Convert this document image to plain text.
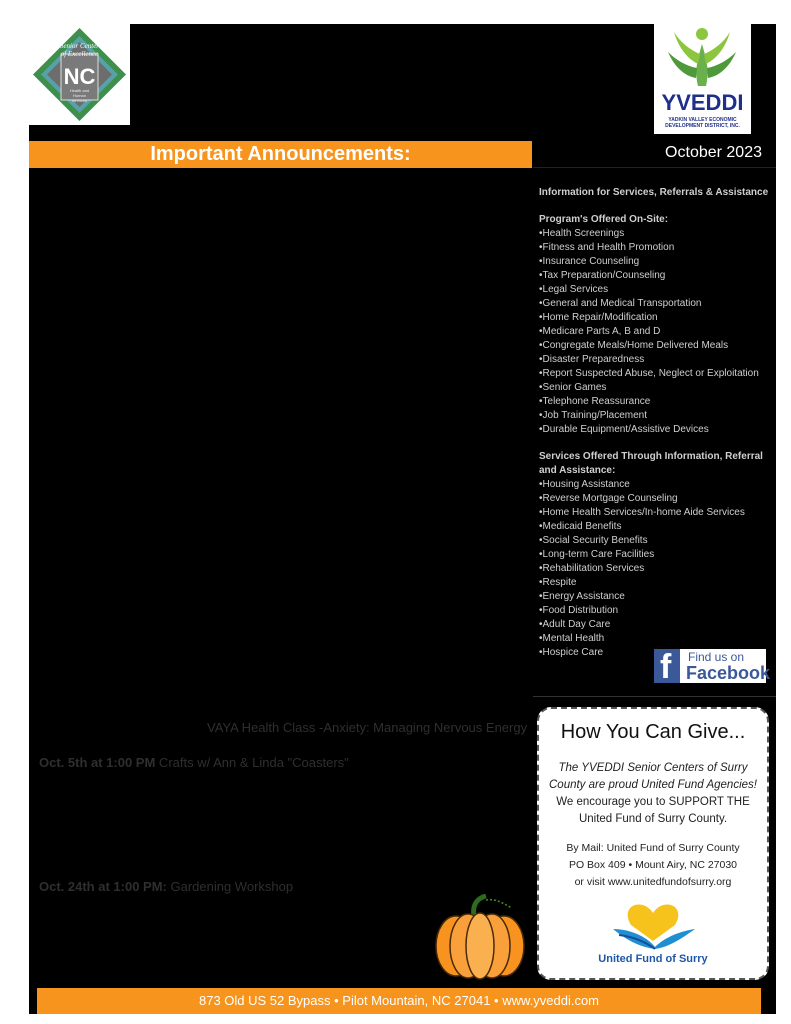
Senior Center
of Excellence
NC
Health and Human Services	YVEDDI
YADKIN VALLEY ECONOMIC DEVELOPMENT DISTRICT, INC.
Important Announcements:	October 2023
Information for Services, Referrals & Assistance
Program's Offered On-Site:
• Health Screenings
• Fitness and Health Promotion
• Insurance Counseling
• Tax Preparation/Counseling
• Legal Services
• General and Medical Transportation
• Home Repair/Modification
• Medicare Parts A, B and D
• Congregate Meals/Home Delivered Meals
• Disaster Preparedness
• Report Suspected Abuse, Neglect or Exploitation
• Senior Games
• Telephone Reassurance
• Job Training/Placement
• Durable Equipment/Assistive Devices
Services Offered Through Information, Referral and Assistance:
• Housing Assistance
• Reverse Mortgage Counseling
• Home Health Services/In-home Aide Services
• Medicaid Benefits
• Social Security Benefits
• Long-term Care Facilities
• Rehabilitation Services
• Respite
• Energy Assistance
• Food Distribution
• Adult Day Care
• Mental Health
• Hospice Care	f Find us on
Facebook
VAYA Health Class -Anxiety: Managing Nervous Energy
Oct. 5th at 1:00 PM Crafts w/ Ann & Linda "Coasters"
Oct. 24th at 1:00 PM: Gardening Workshop
How You Can Give...
The YVEDDI Senior Centers of Surry County are proud United Fund Agencies!
We encourage you to SUPPORT THE United Fund of Surry County.
By Mail: United Fund of Surry County
PO Box 409 • Mount Airy, NC 27030
or visit www.unitedfundofsurry.org
United Fund of Surry
873 Old US 52 Bypass • Pilot Mountain, NC 27041 • www.yveddi.com
